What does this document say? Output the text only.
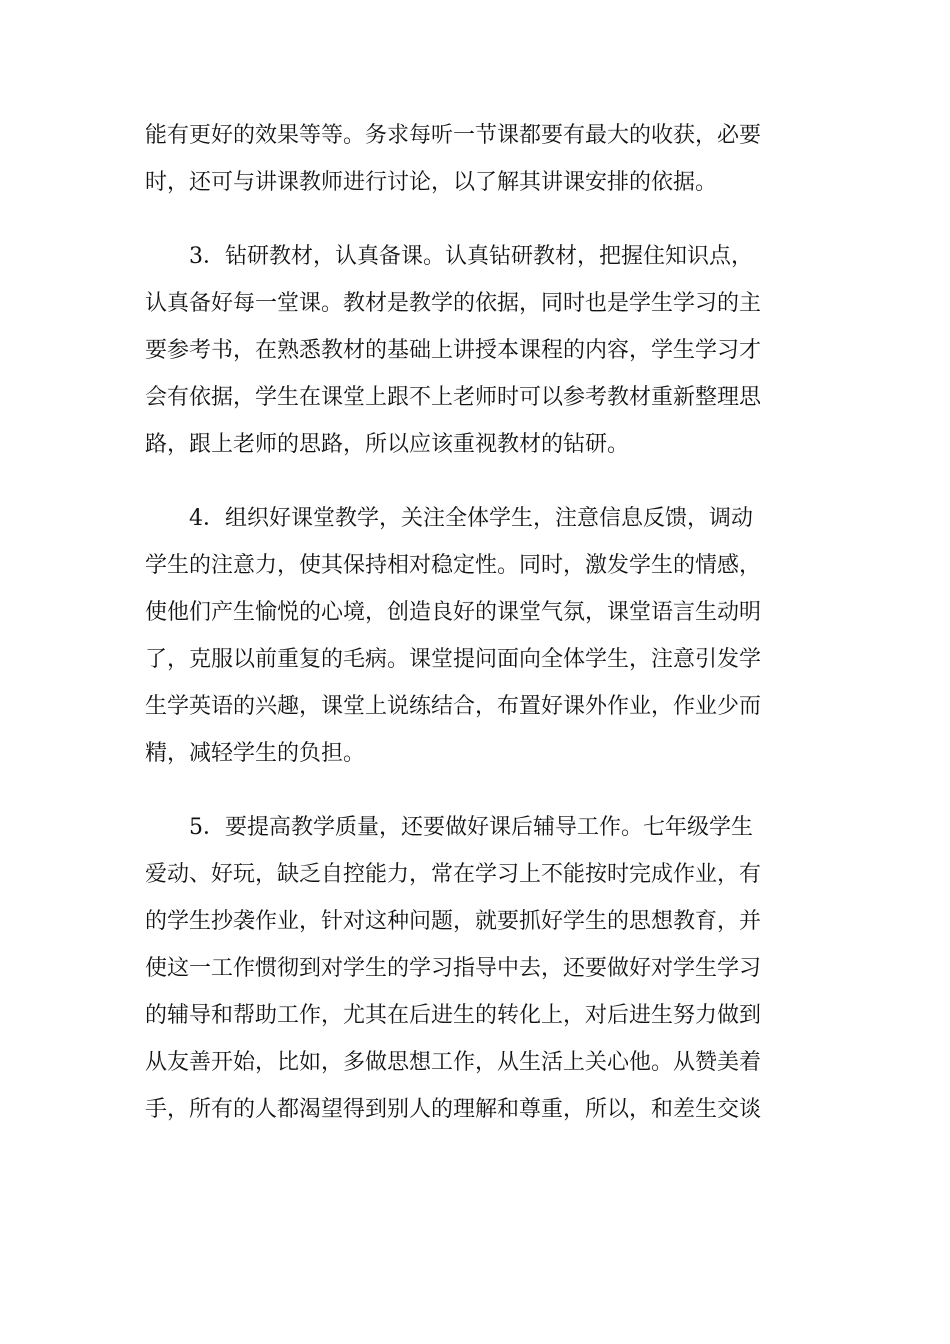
能有更好的效果等等。务求每听一节课都要有最大的收获，必要
时，还可与讲课教师进行讨论，以了解其讲课安排的依据。
3．钻研教材，认真备课。认真钻研教材，把握住知识点，
认真备好每一堂课。教材是教学的依据，同时也是学生学习的主
要参考书，在熟悉教材的基础上讲授本课程的内容，学生学习才
会有依据，学生在课堂上跟不上老师时可以参考教材重新整理思
路，跟上老师的思路，所以应该重视教材的钻研。
4．组织好课堂教学，关注全体学生，注意信息反馈，调动
学生的注意力，使其保持相对稳定性。同时，激发学生的情感，
使他们产生愉悦的心境，创造良好的课堂气氛，课堂语言生动明
了，克服以前重复的毛病。课堂提问面向全体学生，注意引发学
生学英语的兴趣，课堂上说练结合，布置好课外作业，作业少而
精，减轻学生的负担。
5．要提高教学质量，还要做好课后辅导工作。七年级学生
爱动、好玩，缺乏自控能力，常在学习上不能按时完成作业，有
的学生抄袭作业，针对这种问题，就要抓好学生的思想教育，并
使这一工作惯彻到对学生的学习指导中去，还要做好对学生学习
的辅导和帮助工作，尤其在后进生的转化上，对后进生努力做到
从友善开始，比如，多做思想工作，从生活上关心他。从赞美着
手，所有的人都渴望得到别人的理解和尊重，所以，和差生交谈
